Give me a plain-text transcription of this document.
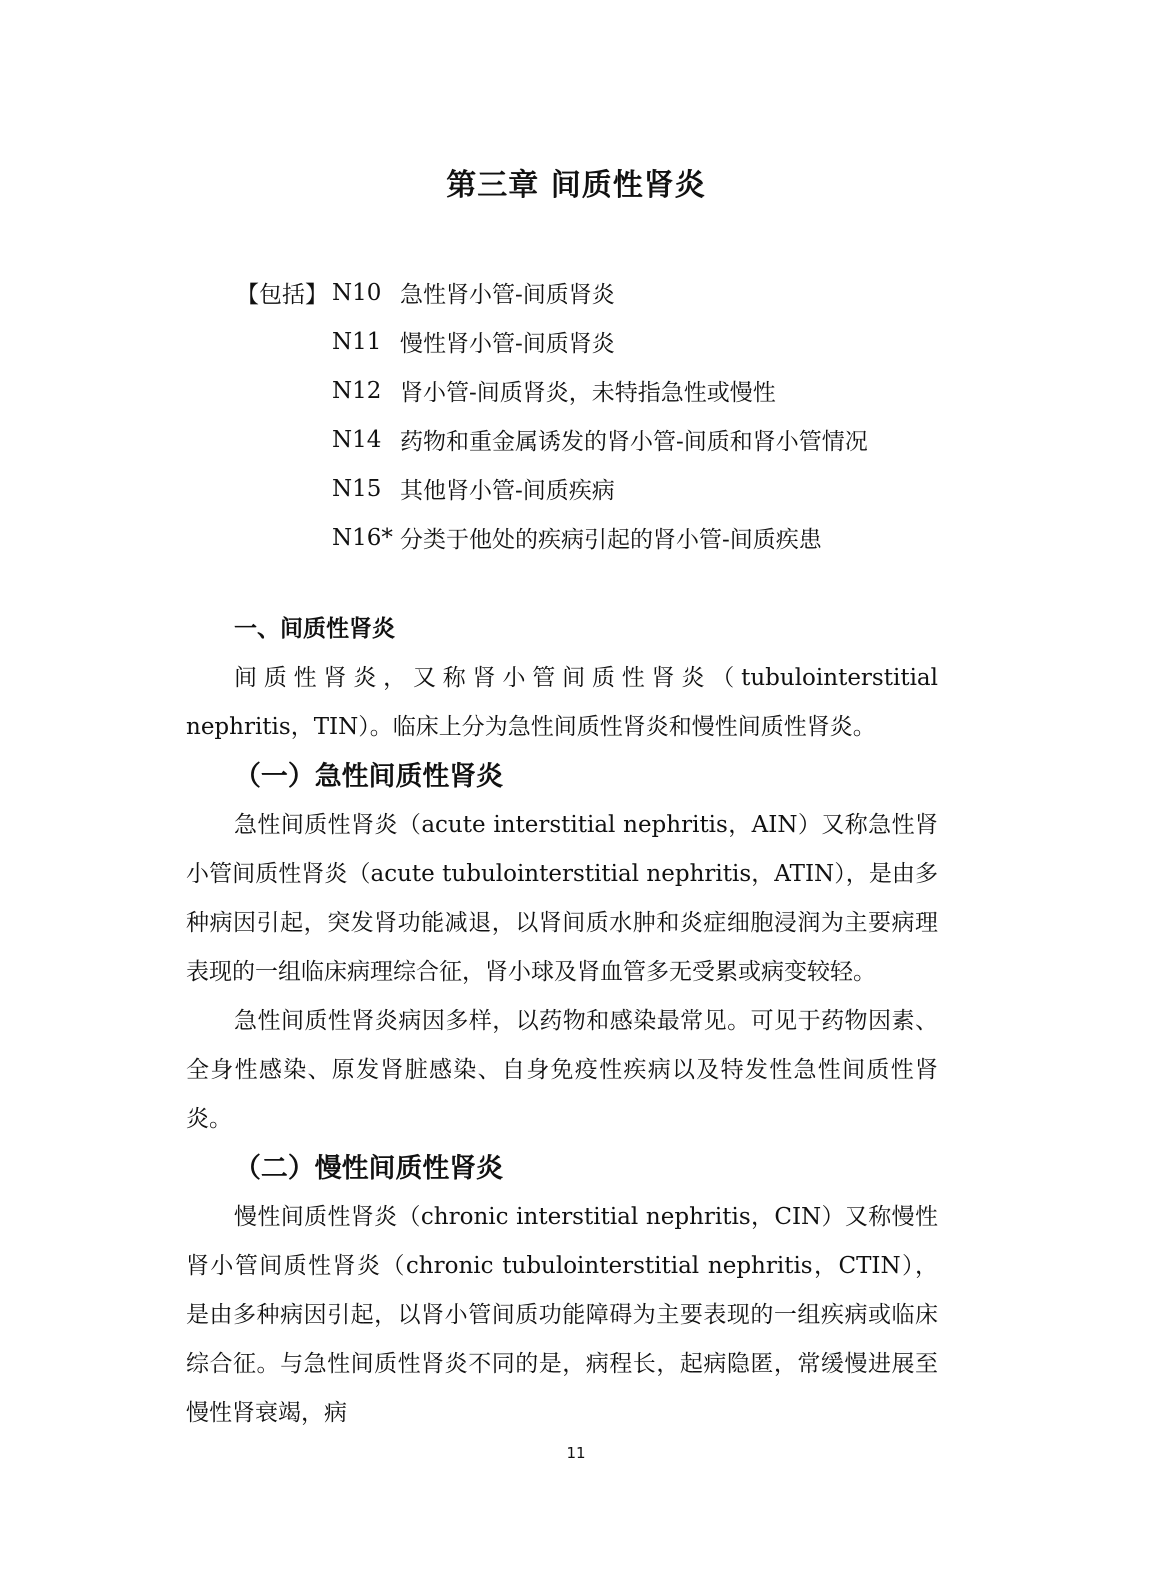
第三章 间质性肾炎
【包括】 N10 急性肾小管-间质肾炎
N11 慢性肾小管-间质肾炎
N12 肾小管-间质肾炎，未特指急性或慢性
N14 药物和重金属诱发的肾小管-间质和肾小管情况
N15 其他肾小管-间质疾病
N16* 分类于他处的疾病引起的肾小管-间质疾患
一、间质性肾炎

间质性肾炎，又称肾小管间质性肾炎（tubulointerstitial nephritis，TIN）。临床上分为急性间质性肾炎和慢性间质性肾炎。

（一）急性间质性肾炎

急性间质性肾炎（acute interstitial nephritis，AIN）又称急性肾小管间质性肾炎（acute tubulointerstitial nephritis，ATIN），是由多种病因引起，突发肾功能减退，以肾间质水肿和炎症细胞浸润为主要病理表现的一组临床病理综合征，肾小球及肾血管多无受累或病变较轻。

急性间质性肾炎病因多样，以药物和感染最常见。可见于药物因素、全身性感染、原发肾脏感染、自身免疫性疾病以及特发性急性间质性肾炎。

（二）慢性间质性肾炎

慢性间质性肾炎（chronic interstitial nephritis，CIN）又称慢性肾小管间质性肾炎（chronic tubulointerstitial nephritis，CTIN），是由多种病因引起，以肾小管间质功能障碍为主要表现的一组疾病或临床综合征。与急性间质性肾炎不同的是，病程长，起病隐匿，常缓慢进展至慢性肾衰竭，病

11
